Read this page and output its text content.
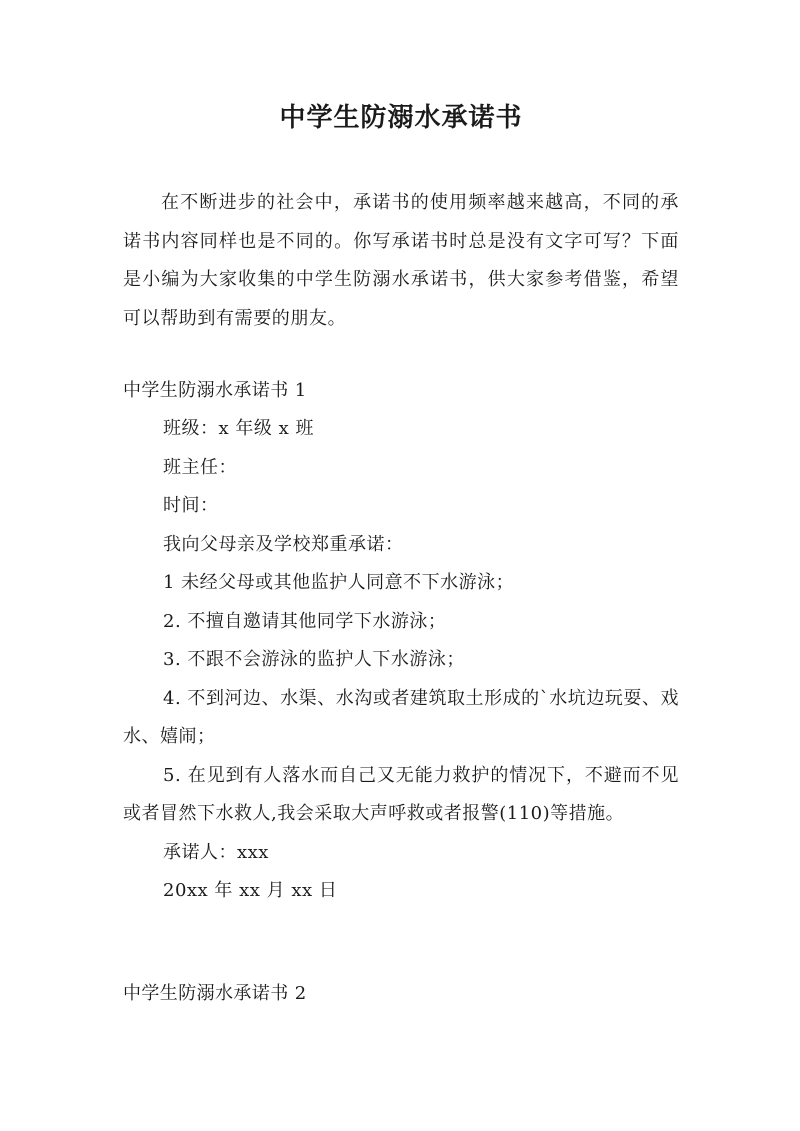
中学生防溺水承诺书

在不断进步的社会中，承诺书的使用频率越来越高，不同的承诺书内容同样也是不同的。你写承诺书时总是没有文字可写？下面是小编为大家收集的中学生防溺水承诺书，供大家参考借鉴，希望可以帮助到有需要的朋友。

中学生防溺水承诺书 1

班级：x 年级 x 班

班主任：

时间：

我向父母亲及学校郑重承诺：

1 未经父母或其他监护人同意不下水游泳；

2. 不擅自邀请其他同学下水游泳；

3. 不跟不会游泳的监护人下水游泳；

4. 不到河边、水渠、水沟或者建筑取土形成的`水坑边玩耍、戏水、嬉闹；

5. 在见到有人落水而自己又无能力救护的情况下，不避而不见或者冒然下水救人,我会采取大声呼救或者报警(110)等措施。

承诺人：xxx

20xx 年 xx 月 xx 日

中学生防溺水承诺书 2
